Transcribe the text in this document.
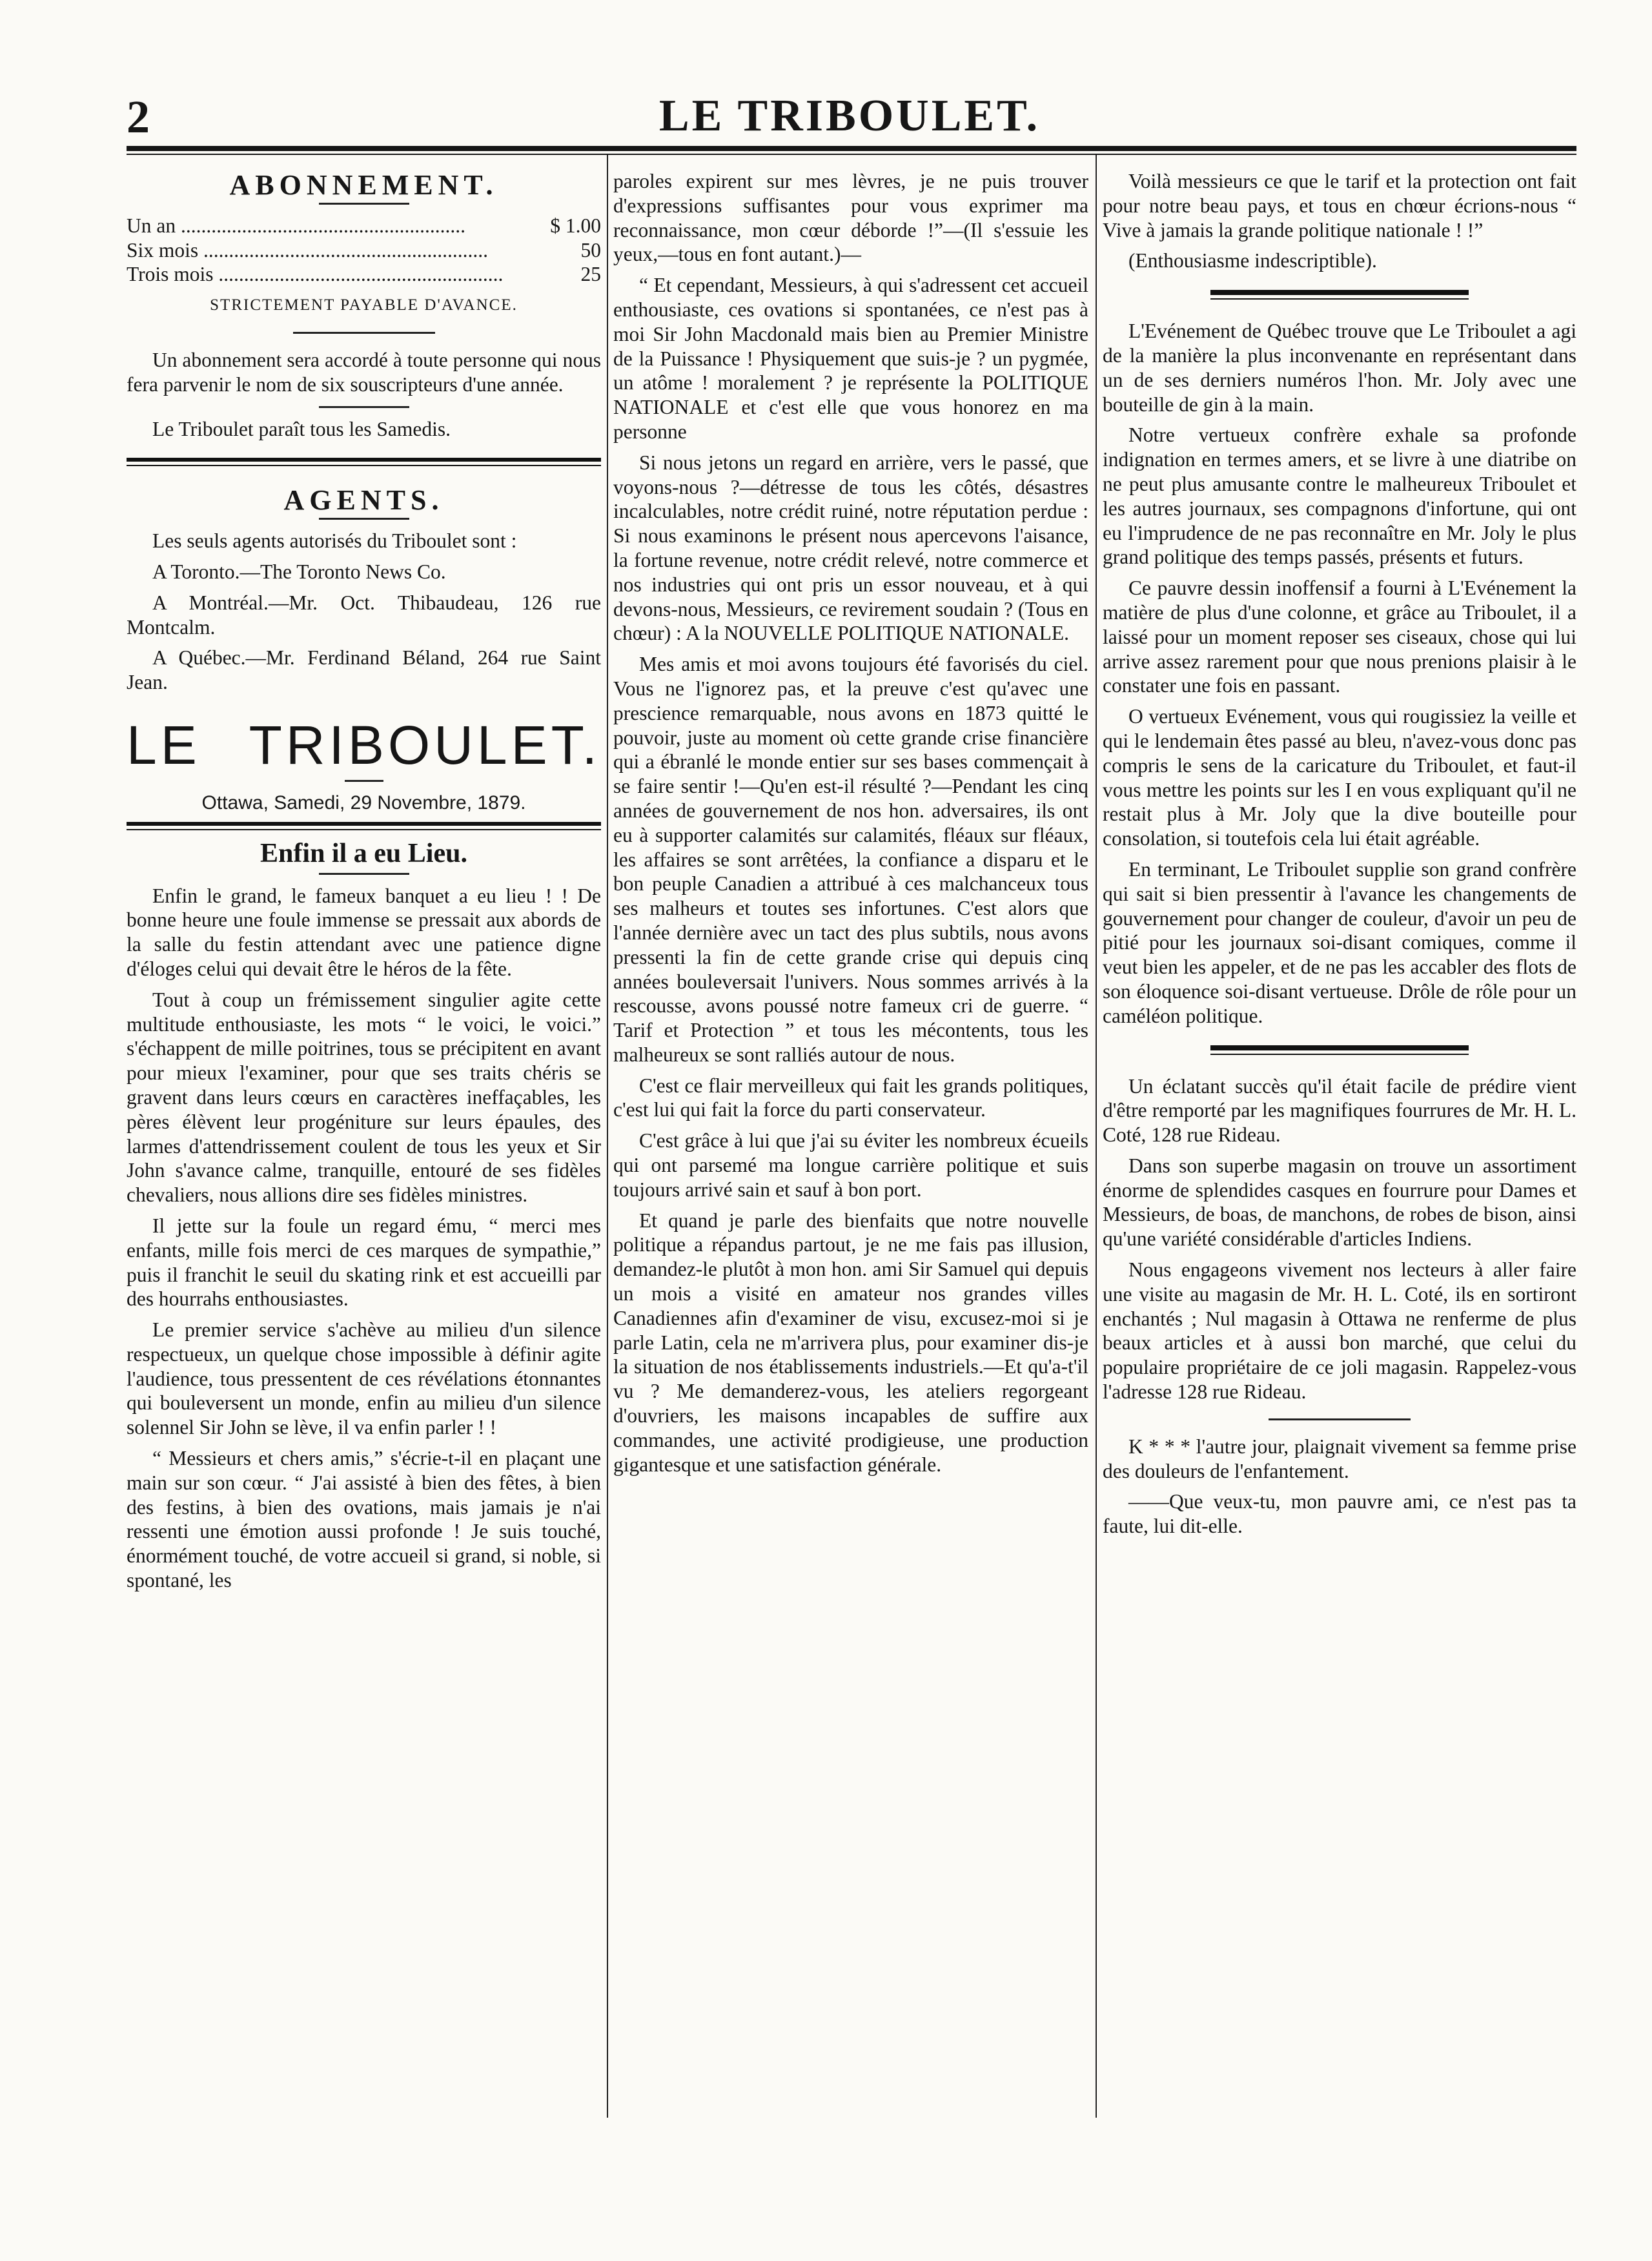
2	LE TRIBOULET.
ABONNEMENT.
Un an .....	$ 1.00
Six mois .....	50
Trois mois .....	25

STRICTEMENT PAYABLE D'AVANCE.

Un abonnement sera accordé à toute personne qui nous fera parvenir le nom de six souscripteurs d'une année.

Le Triboulet paraît tous les Samedis.

AGENTS.

Les seuls agents autorisés du Triboulet sont :

A Toronto.—The Toronto News Co.

A Montréal.—Mr. Oct. Thibaudeau, 126 rue Montcalm.

A Québec.—Mr. Ferdinand Béland, 264 rue Saint Jean.

LE TRIBOULET.
Ottawa, Samedi, 29 Novembre, 1879.
Enfin il a eu Lieu.

Enfin le grand, le fameux banquet a eu lieu ! ! De bonne heure une foule immense se pressait aux abords de la salle du festin attendant avec une patience digne d'éloges celui qui devait être le héros de la fête.

Tout à coup un frémissement singulier agite cette multitude enthousiaste, les mots “ le voici, le voici.” s'échappent de mille poitrines, tous se précipitent en avant pour mieux l'examiner, pour que ses traits chéris se gravent dans leurs cœurs en caractères ineffaçables, les pères élèvent leur progéniture sur leurs épaules, des larmes d'attendrissement coulent de tous les yeux et Sir John s'avance calme, tranquille, entouré de ses fidèles chevaliers, nous allions dire ses fidèles ministres.

Il jette sur la foule un regard ému, “ merci mes enfants, mille fois merci de ces marques de sympathie,” puis il franchit le seuil du skating rink et est accueilli par des hourrahs enthousiastes.

Le premier service s'achève au milieu d'un silence respectueux, un quelque chose impossible à définir agite l'audience, tous pressentent de ces révélations étonnantes qui bouleversent un monde, enfin au milieu d'un silence solennel Sir John se lève, il va enfin parler ! !

“ Messieurs et chers amis,” s'écrie-t-il en plaçant une main sur son cœur. “ J'ai assisté à bien des fêtes, à bien des festins, à bien des ovations, mais jamais je n'ai ressenti une émotion aussi profonde ! Je suis touché, énormément touché, de votre accueil si grand, si noble, si spontané, les

paroles expirent sur mes lèvres, je ne puis trouver d'expressions suffisantes pour vous exprimer ma reconnaissance, mon cœur déborde !”—(Il s'essuie les yeux,—tous en font autant.)—

“ Et cependant, Messieurs, à qui s'adressent cet accueil enthousiaste, ces ovations si spontanées, ce n'est pas à moi Sir John Macdonald mais bien au Premier Ministre de la Puissance ! Physiquement que suis-je ? un pygmée, un atôme ! moralement ? je représente la POLITIQUE NATIONALE et c'est elle que vous honorez en ma personne

Si nous jetons un regard en arrière, vers le passé, que voyons-nous ?—détresse de tous les côtés, désastres incalculables, notre crédit ruiné, notre réputation perdue : Si nous examinons le présent nous apercevons l'aisance, la fortune revenue, notre crédit relevé, notre commerce et nos industries qui ont pris un essor nouveau, et à qui devons-nous, Messieurs, ce revirement soudain ? (Tous en chœur) : A la NOUVELLE POLITIQUE NATIONALE.

Mes amis et moi avons toujours été favorisés du ciel. Vous ne l'ignorez pas, et la preuve c'est qu'avec une prescience remarquable, nous avons en 1873 quitté le pouvoir, juste au moment où cette grande crise financière qui a ébranlé le monde entier sur ses bases commençait à se faire sentir !—Qu'en est-il résulté ?—Pendant les cinq années de gouvernement de nos hon. adversaires, ils ont eu à supporter calamités sur calamités, fléaux sur fléaux, les affaires se sont arrêtées, la confiance a disparu et le bon peuple Canadien a attribué à ces malchanceux tous ses malheurs et toutes ses infortunes. C'est alors que l'année dernière avec un tact des plus subtils, nous avons pressenti la fin de cette grande crise qui depuis cinq années bouleversait l'univers. Nous sommes arrivés à la rescousse, avons poussé notre fameux cri de guerre. “ Tarif et Protection ” et tous les mécontents, tous les malheureux se sont ralliés autour de nous.

C'est ce flair merveilleux qui fait les grands politiques, c'est lui qui fait la force du parti conservateur.

C'est grâce à lui que j'ai su éviter les nombreux écueils qui ont parsemé ma longue carrière politique et suis toujours arrivé sain et sauf à bon port.

Et quand je parle des bienfaits que notre nouvelle politique a répandus partout, je ne me fais pas illusion, demandez-le plutôt à mon hon. ami Sir Samuel qui depuis un mois a visité en amateur nos grandes villes Canadiennes afin d'examiner de visu, excusez-moi si je parle Latin, cela ne m'arrivera plus, pour examiner dis-je la situation de nos établissements industriels.—Et qu'a-t'il vu ? Me demanderez-vous, les ateliers regorgeant d'ouvriers, les maisons incapables de suffire aux commandes, une activité prodigieuse, une production gigantesque et une satisfaction générale.

Voilà messieurs ce que le tarif et la protection ont fait pour notre beau pays, et tous en chœur écrions-nous “ Vive à jamais la grande politique nationale ! !”

(Enthousiasme indescriptible).

L'Evénement de Québec trouve que Le Triboulet a agi de la manière la plus inconvenante en représentant dans un de ses derniers numéros l'hon. Mr. Joly avec une bouteille de gin à la main.

Notre vertueux confrère exhale sa profonde indignation en termes amers, et se livre à une diatribe on ne peut plus amusante contre le malheureux Triboulet et les autres journaux, ses compagnons d'infortune, qui ont eu l'imprudence de ne pas reconnaître en Mr. Joly le plus grand politique des temps passés, présents et futurs.

Ce pauvre dessin inoffensif a fourni à L'Evénement la matière de plus d'une colonne, et grâce au Triboulet, il a laissé pour un moment reposer ses ciseaux, chose qui lui arrive assez rarement pour que nous prenions plaisir à le constater une fois en passant.

O vertueux Evénement, vous qui rougissiez la veille et qui le lendemain êtes passé au bleu, n'avez-vous donc pas compris le sens de la caricature du Triboulet, et faut-il vous mettre les points sur les I en vous expliquant qu'il ne restait plus à Mr. Joly que la dive bouteille pour consolation, si toutefois cela lui était agréable.

En terminant, Le Triboulet supplie son grand confrère qui sait si bien pressentir à l'avance les changements de gouvernement pour changer de couleur, d'avoir un peu de pitié pour les journaux soi-disant comiques, comme il veut bien les appeler, et de ne pas les accabler des flots de son éloquence soi-disant vertueuse. Drôle de rôle pour un caméléon politique.

Un éclatant succès qu'il était facile de prédire vient d'être remporté par les magnifiques fourrures de Mr. H. L. Coté, 128 rue Rideau.

Dans son superbe magasin on trouve un assortiment énorme de splendides casques en fourrure pour Dames et Messieurs, de boas, de manchons, de robes de bison, ainsi qu'une variété considérable d'articles Indiens.

Nous engageons vivement nos lecteurs à aller faire une visite au magasin de Mr. H. L. Coté, ils en sortiront enchantés ; Nul magasin à Ottawa ne renferme de plus beaux articles et à aussi bon marché, que celui du populaire propriétaire de ce joli magasin. Rappelez-vous l'adresse 128 rue Rideau.

K * * * l'autre jour, plaignait vivement sa femme prise des douleurs de l'enfantement.

——Que veux-tu, mon pauvre ami, ce n'est pas ta faute, lui dit-elle.
